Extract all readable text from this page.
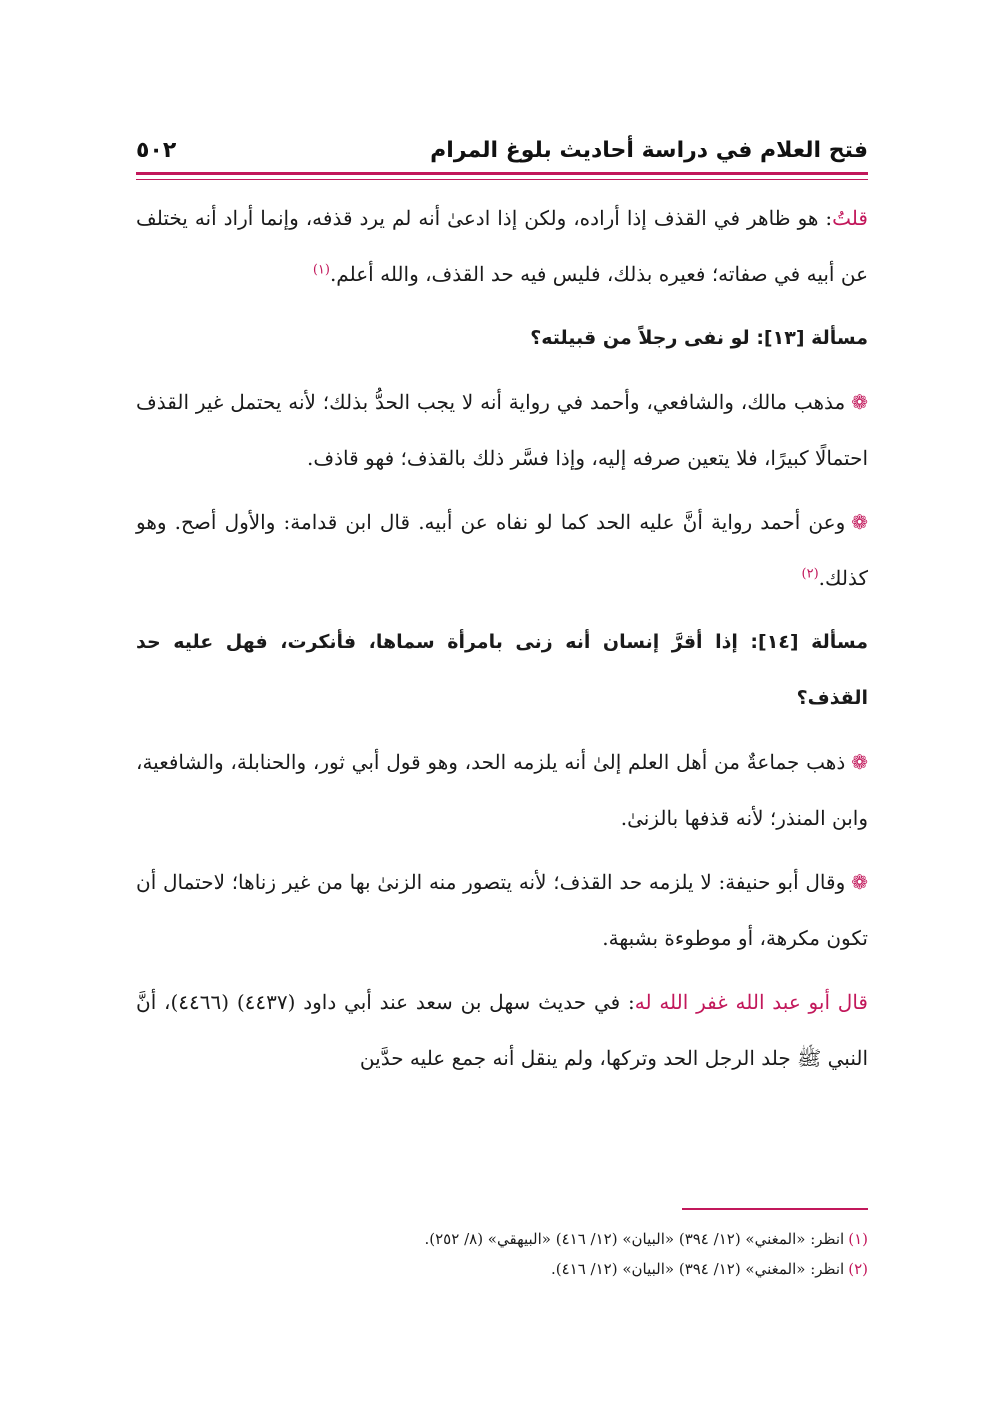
فتح العلام في دراسة أحاديث بلوغ المرام
٥٠٢

قلتُ: هو ظاهر في القذف إذا أراده، ولكن إذا ادعىٰ أنه لم يرد قذفه، وإنما أراد أنه يختلف عن أبيه في صفاته؛ فعيره بذلك، فليس فيه حد القذف، والله أعلم.$^{(١)}$

مسألة [١٣]: لو نفى رجلاً من قبيلته؟

❁مذهب مالك، والشافعي، وأحمد في رواية أنه لا يجب الحدُّ بذلك؛ لأنه يحتمل غير القذف احتمالًا كبيرًا، فلا يتعين صرفه إليه، وإذا فسَّر ذلك بالقذف؛ فهو قاذف.

❁وعن أحمد رواية أنَّ عليه الحد كما لو نفاه عن أبيه. قال ابن قدامة: والأول أصح. وهو كذلك.$^{(٢)}$

مسألة [١٤]: إذا أقرَّ إنسان أنه زنى بامرأة سماها، فأنكرت، فهل عليه حد القذف؟

❁ذهب جماعةٌ من أهل العلم إلىٰ أنه يلزمه الحد، وهو قول أبي ثور، والحنابلة، والشافعية، وابن المنذر؛ لأنه قذفها بالزنىٰ.

❁وقال أبو حنيفة: لا يلزمه حد القذف؛ لأنه يتصور منه الزنىٰ بها من غير زناها؛ لاحتمال أن تكون مكرهة، أو موطوءة بشبهة.

قال أبو عبد الله غفر الله له: في حديث سهل بن سعد عند أبي داود (٤٤٣٧) (٤٤٦٦)، أنَّ النبي ﷺ جلد الرجل الحد وتركها، ولم ينقل أنه جمع عليه حدَّين

(١)انظر: «المغني» (١٢/ ٣٩٤) «البيان» (١٢/ ٤١٦) «البيهقي» (٨/ ٢٥٢).
(٢)انظر: «المغني» (١٢/ ٣٩٤) «البيان» (١٢/ ٤١٦).
